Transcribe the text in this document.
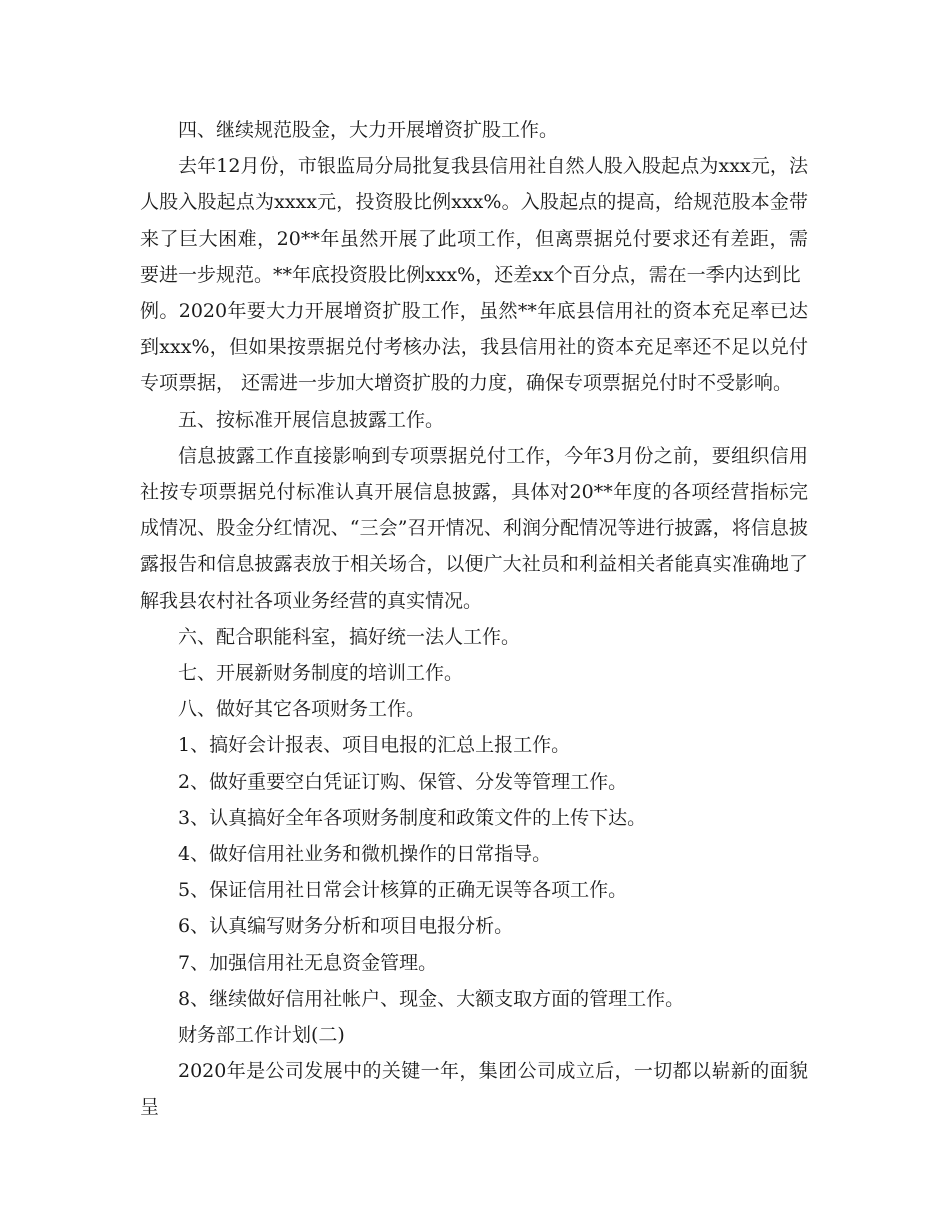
四、继续规范股金，大力开展增资扩股工作。

去年12月份，市银监局分局批复我县信用社自然人股入股起点为xxx元，法人股入股起点为xxxx元，投资股比例xxx%。入股起点的提高，给规范股本金带来了巨大困难，20**年虽然开展了此项工作，但离票据兑付要求还有差距，需要进一步规范。**年底投资股比例xxx%，还差xx个百分点，需在一季内达到比

例。2020年要大力开展增资扩股工作，虽然**年底县信用社的资本充足率已达到xxx%，但如果按票据兑付考核办法，我县信用社的资本充足率还不足以兑付专项票据， 还需进一步加大增资扩股的力度，确保专项票据兑付时不受影响。

五、按标准开展信息披露工作。

信息披露工作直接影响到专项票据兑付工作，今年3月份之前，要组织信用社按专项票据兑付标准认真开展信息披露，具体对20**年度的各项经营指标完成情况、股金分红情况、“三会”召开情况、利润分配情况等进行披露，将信息披露报告和信息披露表放于相关场合，以便广大社员和利益相关者能真实准确地了解我县农村社各项业务经营的真实情况。

六、配合职能科室，搞好统一法人工作。

七、开展新财务制度的培训工作。

八、做好其它各项财务工作。

1、搞好会计报表、项目电报的汇总上报工作。

2、做好重要空白凭证订购、保管、分发等管理工作。

3、认真搞好全年各项财务制度和政策文件的上传下达。

4、做好信用社业务和微机操作的日常指导。

5、保证信用社日常会计核算的正确无误等各项工作。

6、认真编写财务分析和项目电报分析。

7、加强信用社无息资金管理。

8、继续做好信用社帐户、现金、大额支取方面的管理工作。

财务部工作计划(二)

2020年是公司发展中的关键一年，集团公司成立后，一切都以崭新的面貌呈
